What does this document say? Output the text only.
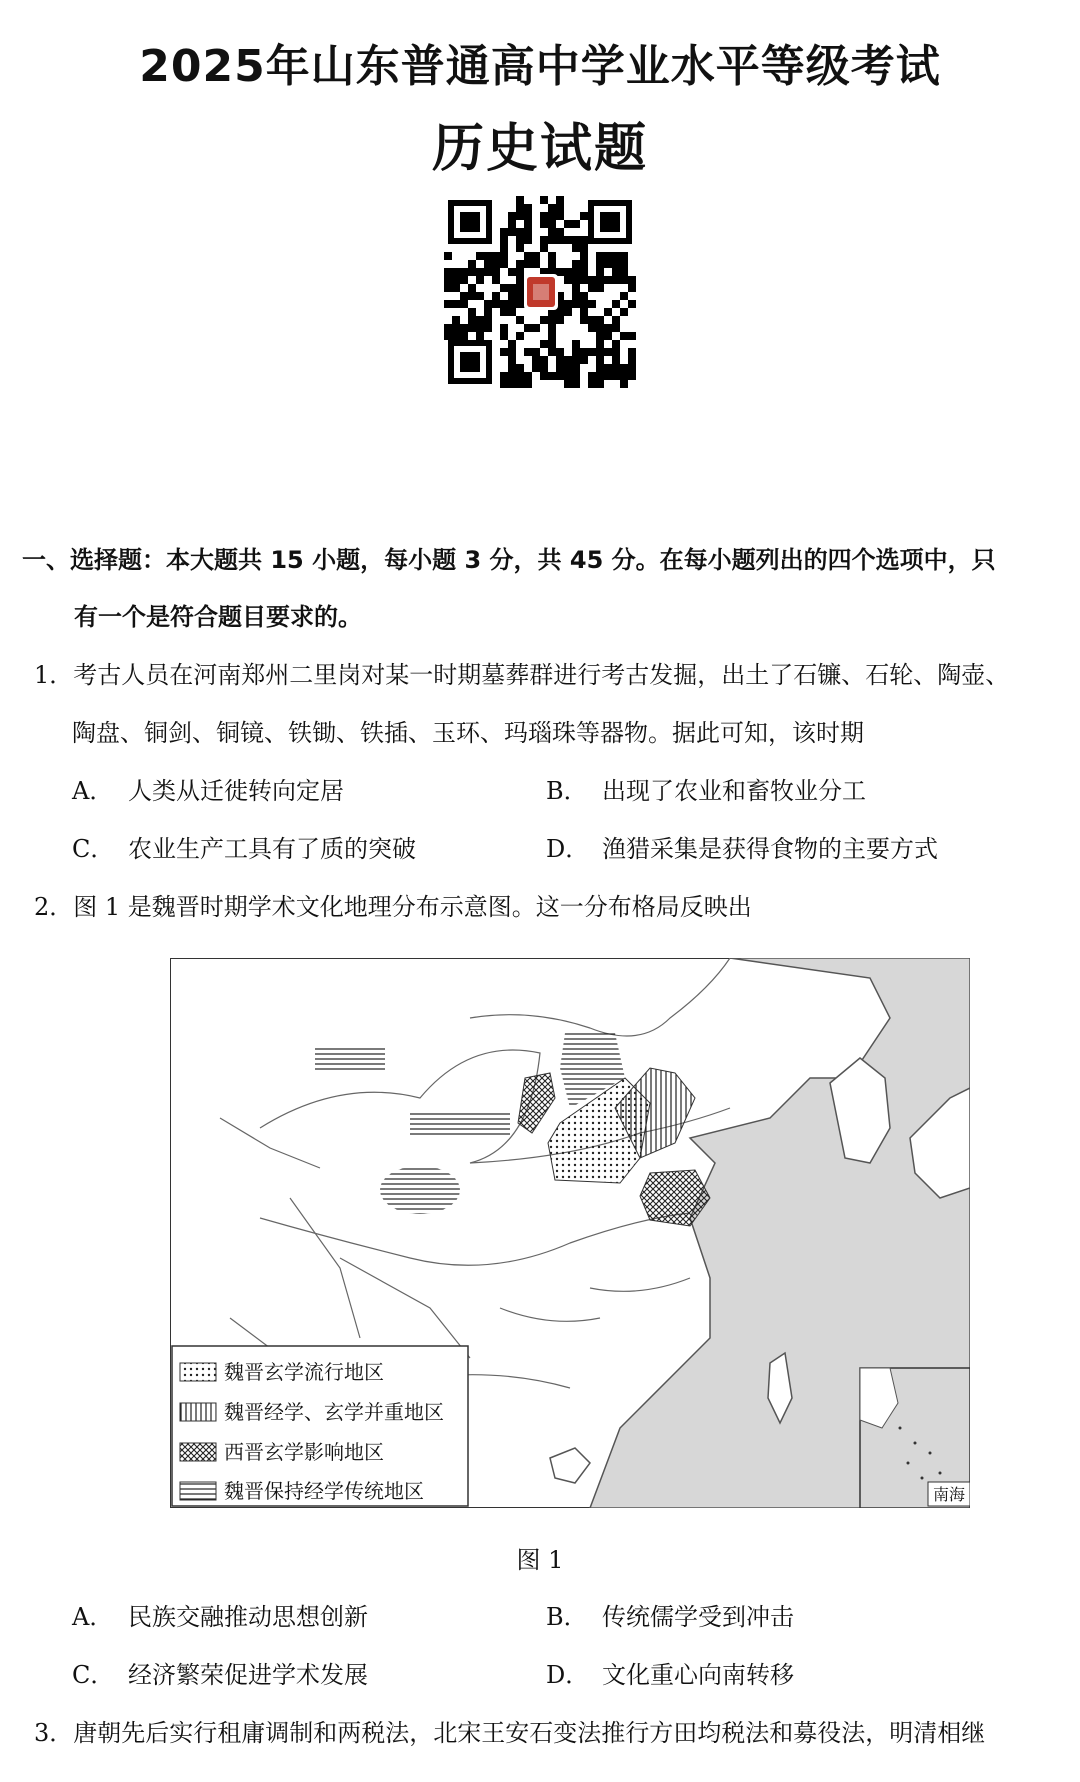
2025年山东普通高中学业水平等级考试
历史试题
一、选择题：本大题共 15 小题，每小题 3 分，共 45 分。在每小题列出的四个选项中，只
有一个是符合题目要求的。
1．考古人员在河南郑州二里岗对某一时期墓葬群进行考古发掘，出土了石镰、石轮、陶壶、
陶盘、铜剑、铜镜、铁锄、铁插、玉环、玛瑙珠等器物。据此可知，该时期
A． 人类从迁徙转向定居	B． 出现了农业和畜牧业分工
C． 农业生产工具有了质的突破	D． 渔猎采集是获得食物的主要方式
2．图 1 是魏晋时期学术文化地理分布示意图。这一分布格局反映出
南海
魏晋玄学流行地区
魏晋经学、玄学并重地区
西晋玄学影响地区
魏晋保持经学传统地区
图 1
A． 民族交融推动思想创新	B． 传统儒学受到冲击
C． 经济繁荣促进学术发展	D． 文化重心向南转移
3．唐朝先后实行租庸调制和两税法，北宋王安石变法推行方田均税法和募役法，明清相继
